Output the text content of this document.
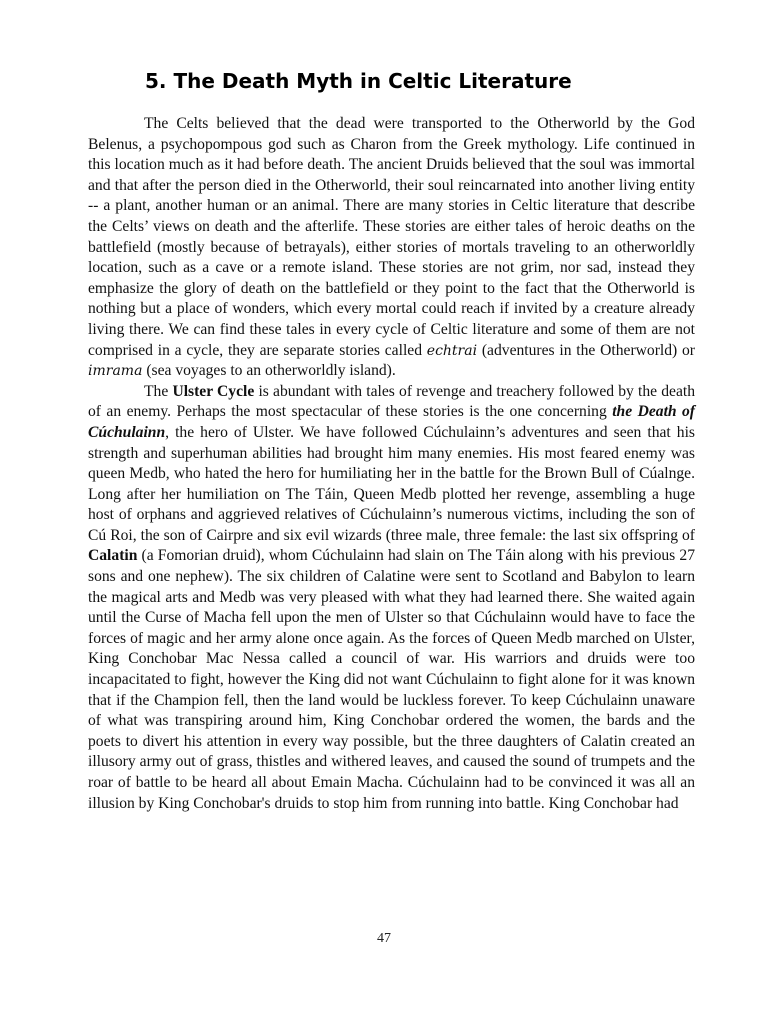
5. The Death Myth in Celtic Literature

The Celts believed that the dead were transported to the Otherworld by the God Belenus, a psychopompous god such as Charon from the Greek mythology. Life continued in this location much as it had before death. The ancient Druids believed that the soul was immortal and that after the person died in the Otherworld, their soul reincarnated into another living entity -- a plant, another human or an animal. There are many stories in Celtic literature that describe the Celts’ views on death and the afterlife. These stories are either tales of heroic deaths on the battlefield (mostly because of betrayals), either stories of mortals traveling to an otherworldly location, such as a cave or a remote island. These stories are not grim, nor sad, instead they emphasize the glory of death on the battlefield or they point to the fact that the Otherworld is nothing but a place of wonders, which every mortal could reach if invited by a creature already living there. We can find these tales in every cycle of Celtic literature and some of them are not comprised in a cycle, they are separate stories called echtrai (adventures in the Otherworld) or imrama (sea voyages to an otherworldly island).

The Ulster Cycle is abundant with tales of revenge and treachery followed by the death of an enemy. Perhaps the most spectacular of these stories is the one concerning the Death of Cúchulainn, the hero of Ulster. We have followed Cúchulainn’s adventures and seen that his strength and superhuman abilities had brought him many enemies. His most feared enemy was queen Medb, who hated the hero for humiliating her in the battle for the Brown Bull of Cúalnge. Long after her humiliation on The Táin, Queen Medb plotted her revenge, assembling a huge host of orphans and aggrieved relatives of Cúchulainn’s numerous victims, including the son of Cú Roi, the son of Cairpre and six evil wizards (three male, three female: the last six offspring of Calatin (a Fomorian druid), whom Cúchulainn had slain on The Táin along with his previous 27 sons and one nephew). The six children of Calatine were sent to Scotland and Babylon to learn the magical arts and Medb was very pleased with what they had learned there. She waited again until the Curse of Macha fell upon the men of Ulster so that Cúchulainn would have to face the forces of magic and her army alone once again. As the forces of Queen Medb marched on Ulster, King Conchobar Mac Nessa called a council of war. His warriors and druids were too incapacitated to fight, however the King did not want Cúchulainn to fight alone for it was known that if the Champion fell, then the land would be luckless forever. To keep Cúchulainn unaware of what was transpiring around him, King Conchobar ordered the women, the bards and the poets to divert his attention in every way possible, but the three daughters of Calatin created an illusory army out of grass, thistles and withered leaves, and caused the sound of trumpets and the roar of battle to be heard all about Emain Macha. Cúchulainn had to be convinced it was all an illusion by King Conchobar's druids to stop him from running into battle. King Conchobar had

47
